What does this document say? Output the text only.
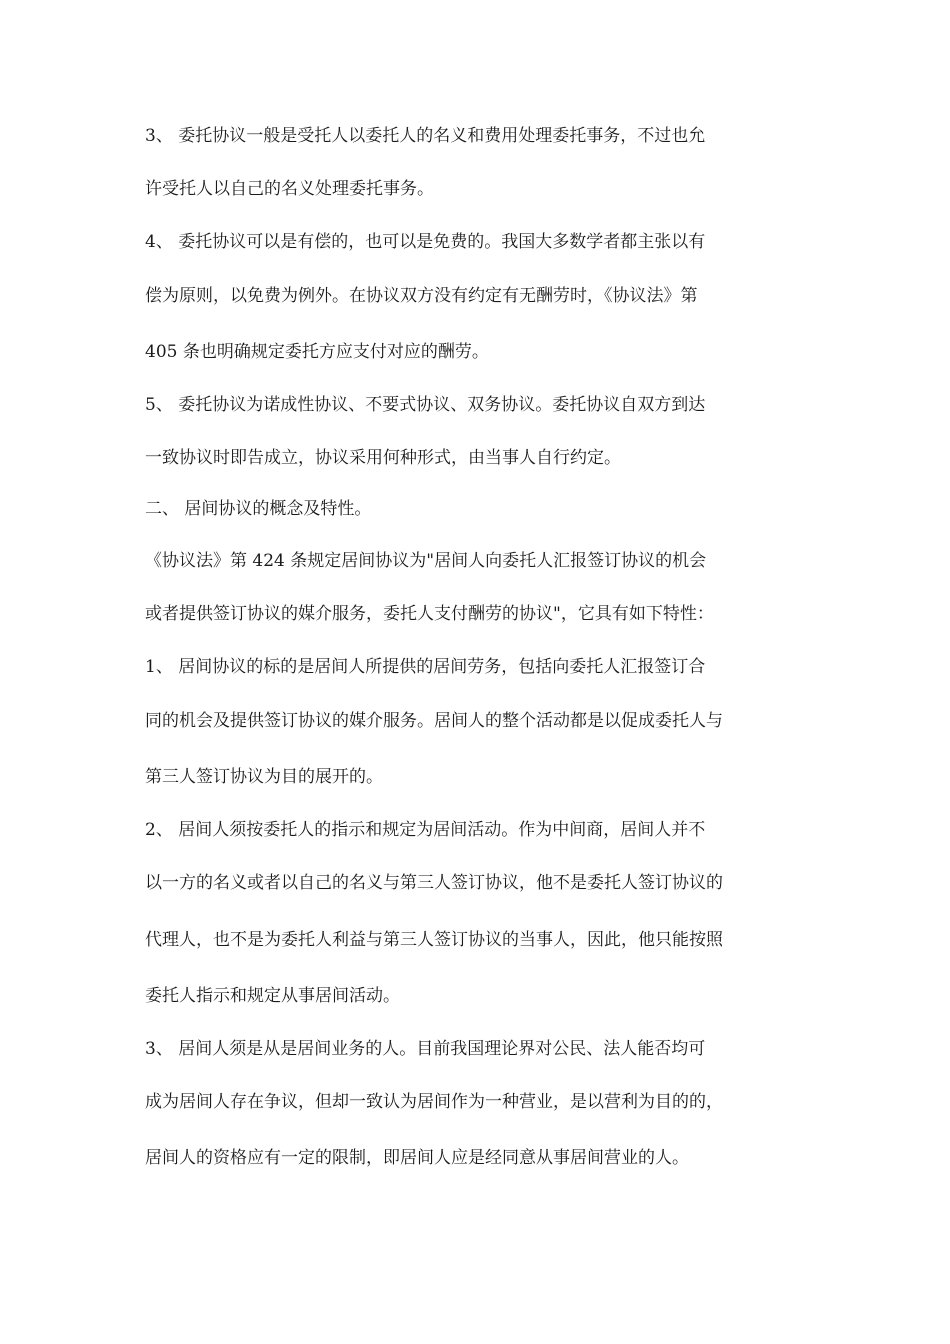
3、 委托协议一般是受托人以委托人的名义和费用处理委托事务，不过也允
许受托人以自己的名义处理委托事务。
4、 委托协议可以是有偿的，也可以是免费的。我国大多数学者都主张以有
偿为原则，以免费为例外。在协议双方没有约定有无酬劳时，《协议法》第
405 条也明确规定委托方应支付对应的酬劳。
5、 委托协议为诺成性协议、不要式协议、双务协议。委托协议自双方到达
一致协议时即告成立，协议采用何种形式，由当事人自行约定。
二、 居间协议的概念及特性。
《协议法》第 424 条规定居间协议为"居间人向委托人汇报签订协议的机会
或者提供签订协议的媒介服务，委托人支付酬劳的协议"，它具有如下特性：
1、 居间协议的标的是居间人所提供的居间劳务，包括向委托人汇报签订合
同的机会及提供签订协议的媒介服务。居间人的整个活动都是以促成委托人与
第三人签订协议为目的展开的。
2、 居间人须按委托人的指示和规定为居间活动。作为中间商，居间人并不
以一方的名义或者以自己的名义与第三人签订协议，他不是委托人签订协议的
代理人，也不是为委托人利益与第三人签订协议的当事人，因此，他只能按照
委托人指示和规定从事居间活动。
3、 居间人须是从是居间业务的人。目前我国理论界对公民、法人能否均可
成为居间人存在争议，但却一致认为居间作为一种营业，是以营利为目的的，
居间人的资格应有一定的限制，即居间人应是经同意从事居间营业的人。
